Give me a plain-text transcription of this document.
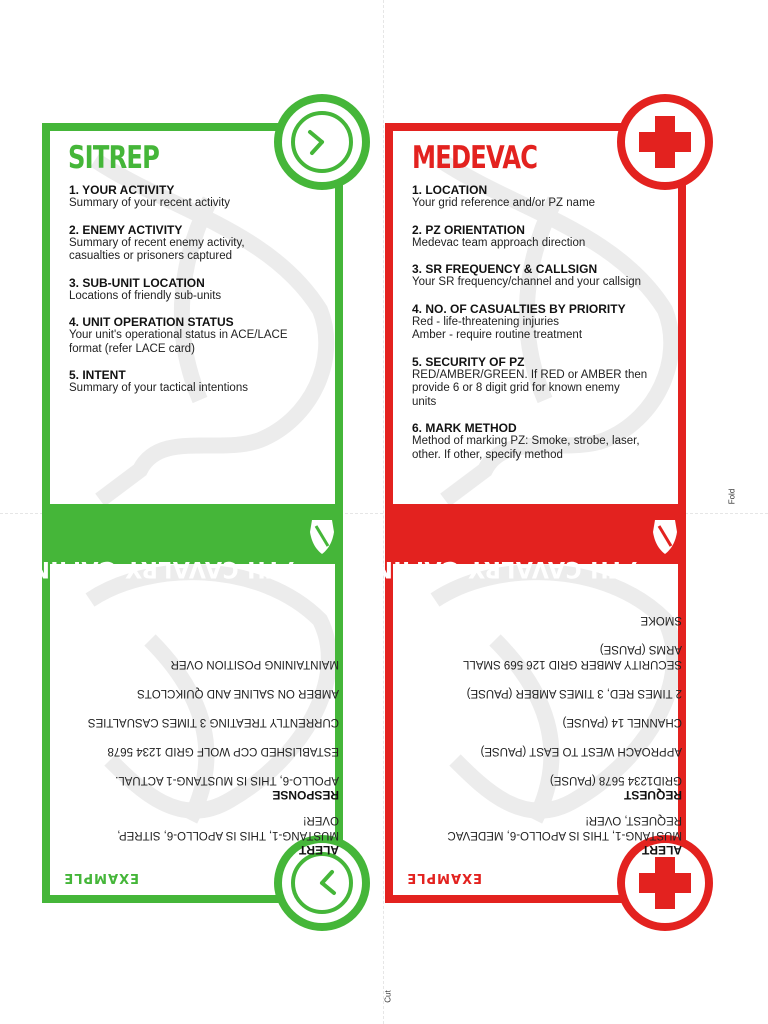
Fold
Cut
SITREP
1. YOUR ACTIVITY
Summary of your recent activity
2. ENEMY ACTIVITY
Summary of recent enemy activity,
casualties or prisoners captured
3. SUB-UNIT LOCATION
Locations of friendly sub-units
4. UNIT OPERATION STATUS
Your unit's operational status in ACE/LACE
format (refer LACE card)
5. INTENT
Summary of your tactical intentions
MEDEVAC
1. LOCATION
Your grid reference and/or PZ name
2. PZ ORIENTATION
Medevac team approach direction
3. SR FREQUENCY & CALLSIGN
Your SR frequency/channel and your callsign
4. NO. OF CASUALTIES BY PRIORITY
Red - life-threatening injuries
Amber - require routine treatment
5. SECURITY OF PZ
RED/AMBER/GREEN. If RED or AMBER then
provide 6 or 8 digit grid for known enemy
units
6. MARK METHOD
Method of marking PZ: Smoke, strobe, laser,
other. If other, specify method
7TH CAVALRY GAMING
EXAMPLE
ALERT
MUSTANG-1, THIS IS APOLLO-6, SITREP,
OVER!
RESPONSE
APOLLO-6, THIS IS MUSTANG-1 ACTUAL.
ESTABLISHED CCP WOLF GRID 1234 5678
CURRENTLY TREATING 3 TIMES CASUALTIES
AMBER ON SALINE AND QUIKCLOTS
MAINTAINING POSITION OVER
7TH CAVALRY GAMING
EXAMPLE
ALERT
MUSTANG-1, THIS IS APOLLO-6, MEDEVAC
REQUEST, OVER!
REQUEST
GRID1234 5678 (PAUSE)
APPROACH WEST TO EAST (PAUSE)
CHANNEL 14 (PAUSE)
2 TIMES RED, 3 TIMES AMBER (PAUSE)
SECURITY AMBER GRID 126 569 SMALL
ARMS (PAUSE)
SMOKE
